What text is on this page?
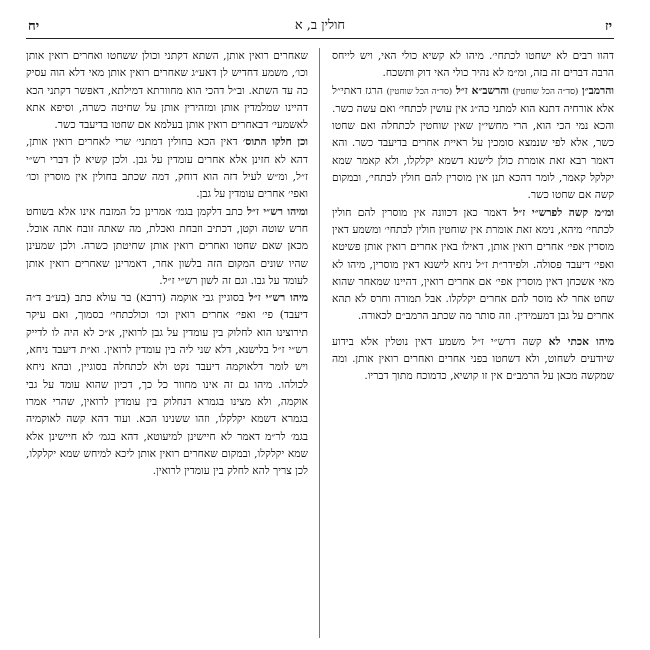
יז
חולין ב, א
יח

דהוו רבים לא ישחטו לכתחי׳. מיהו לא קשיא כולי האי, ויש לייחס הרבה דברים זה בזה, ומ״מ לא נהיר כולי האי דוק ותשכח.

והרמב״ן (סד״ה הכל שוחטין) והרשב״א ז״ל (סד״ה הכל שוחטין) הרגז דאתי״ל אלא אורחיה דתנא הוא למתני כה״ג אין עושין לכתחי׳ ואם עשה כשר. והכא נמי הכי הוא, הרי מחשי״ן שאין שוחטין לכתחלה ואם שחטו כשר, אלא לפי שנמצא סומכין על ראיית אחרים בדיעבד כשר. והא דאמר רבא זאת אומרת כולן לישנא דשמא יקלקלו, ולא קאמר שמא יקלקל קאמר, לומר דהכא תנן אין מוסרין להם חולין לכתחי׳, ובמקום קשה אם שחטו כשר.

ומ״מ קשה לפרש״י ז״ל דאמר כאן דכוונה אין מוסרין להם חולין לכתחי׳ מיהא, נימא זאת אומרת אין שוחטין חולין לכתחי׳ ומשמע דאין מוסרין אפי׳ אחרים רואין אותן, דאילו באין אחרים רואין אותן פשיטא ואפי׳ דיעבד פסולה. ולפידר״ת ז״ל ניחא לישנא דאין מוסרין, מיהו לא מאי אשכחן דאין מוסרין אפי׳ אם אחרים רואין, דהיינו שמאחר שהוא שחט אחר לא מוסר להם אחרים יקלקלו. אבל תמורה וחרס לא תהא אחרים על גבן דמעמידין. וזה סותר מה שכתב הרמב״ם לכאורה.

מיהו אכתי לא קשה דרש״י ז״ל משמע דאין נוטלין אלא בידוע שיודעים לשחוט, ולא דשחטו בפני אחרים ואחרים רואין אותן. ומה שמקשה מכאן על הרמב״ם אין זו קושיא, כדמוכח מתוך דבריו.

שאחרים רואין אותן, השתא דקתני וכולן ששחטו ואחרים רואין אותן וכו׳, משמע דחדיש לן דאע״ג שאחרים רואין אותן מאי דלא הוה עסיק כה עד השתא. וב״ל דהכי הוא מחוורתא דמילתא, דאפשר דקתני הכא דהיינו שמלמדין אותן ומזהירין אותן על שחיטה כשרה, וסיפא אתא לאשמעי׳ דבאחרים רואין אותן בעלמא אם שחטו בדיעבד כשר.

וכן חלקו התוס׳ דאין הכא בחולין דמתני׳ שרי לאחרים רואין אותן, דהא לא חזינן אלא אחרים עומדין על גבן. ולכן קשיא לן דברי רש״י ז״ל, ומ״ש לעיל דזה הוא דוחק, דמה שכתב בחולין אין מוסרין וכו׳ ואפי׳ אחרים עומדין על גבן.

ומיהו רש״י ז״ל כתב דלקמן בגמ׳ אמרינן כל המזבח אינו אלא בשוחט חרש שוטה וקטן, דכתיב וזבחת ואכלת, מה שאתה זובח אתה אוכל. מכאן שאם שחטו ואחרים רואין אותן שחיטתן כשרה. ולכן שמעינן שהיו שונים המקום הזה בלשון אחר, דאמרינן שאחרים רואין אותן לעומד על גבו. וגם זה לשון רש״י ז״ל.

מיהו רש״י ז״ל בסוגיין גבי אוקמה (דרבא) בר עולא כתב (בע״ב ד״ה דיעבד) פי׳ ואפי׳ אחרים רואין וכו׳ וכולכתחי׳ בסמוך, ואם עיקר תירוצינו הוא לחלוק בין עומדין על גבן לרואין, א״כ לא היה לו לדייק רש״י ז״ל בלישנא, דלא שני ליה בין עומדין לרואין. וא״ת דיעבד ניחא, ויש לומר דלאוקמה דיעבד נקט ולא לכתחלה בסוגיין, ובהא ניחא לכולהו. מיהו גם זה אינו מחוור כל כך, דכיון שהוא עומד על גבי אוקמה, ולא מצינו בגמרא דנחלוק בין עומדין לרואין, שהרי אמרו בגמרא דשמא יקלקלו, וזהו ששנינו הכא. ועוד דהא קשה לאוקמיה בגמ׳ לר״מ דאמר לא חיישינן למיעוטא, דהא בגמ׳ לא חיישינן אלא שמא יקלקלו, ובמקום שאחרים רואין אותן ליכא למיחש שמא יקלקלו, לכן צריך להא לחלק בין עומדין לרואין.
